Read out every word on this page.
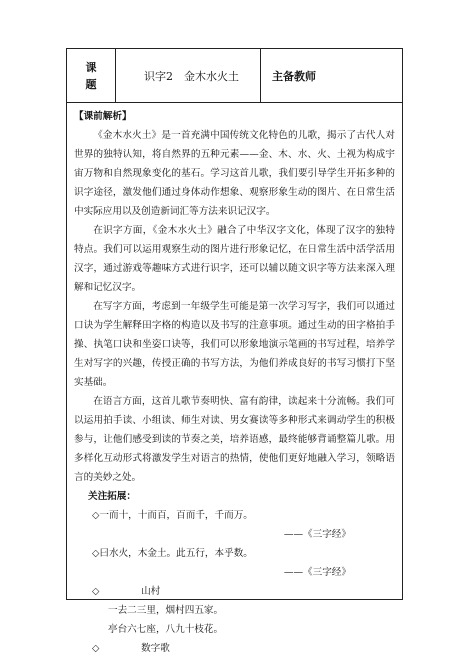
课
题
识字2　金木水火土	主备教师
【课前解析】

《金木水火土》是一首充满中国传统文化特色的儿歌，揭示了古代人对世界的独特认知，将自然界的五种元素——金、木、水、火、土视为构成宇宙万物和自然现象变化的基石。学习这首儿歌，我们要引导学生开拓多种的识字途径，激发他们通过身体动作想象、观察形象生动的图片、在日常生活中实际应用以及创造新词汇等方法来识记汉字。

在识字方面，《金木水火土》融合了中华汉字文化，体现了汉字的独特特点。我们可以运用观察生动的图片进行形象记忆，在日常生活中活学活用汉字，通过游戏等趣味方式进行识字，还可以辅以随文识字等方法来深入理解和记忆汉字。

在写字方面，考虑到一年级学生可能是第一次学习写字，我们可以通过口诀为学生解释田字格的构造以及书写的注意事项。通过生动的田字格拍手操、执笔口诀和坐姿口诀等，我们可以形象地演示笔画的书写过程，培养学生对写字的兴趣，传授正确的书写方法，为他们养成良好的书写习惯打下坚实基础。

在语言方面，这首儿歌节奏明快、富有韵律，读起来十分流畅。我们可以运用拍手读、小组读、师生对读、男女赛读等多种形式来调动学生的积极参与，让他们感受到读的节奏之美，培养语感，最终能够背诵整篇儿歌。用多样化互动形式将激发学生对语言的热情，使他们更好地融入学习，领略语言的美妙之处。

关注拓展：
◇一而十，十而百，百而千，千而万。
——《三字经》
◇曰水火，木金土。此五行，本乎数。
——《三字经》
◇	山村
一去二三里，烟村四五家。
亭台六七座，八九十枝花。
◇	数字歌
